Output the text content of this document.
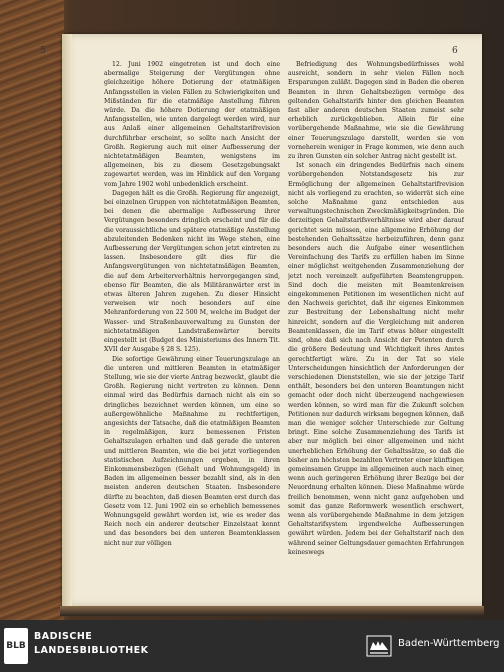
5	6

12. Juni 1902 eingetreten ist und doch eine abermalige Steigerung der Vergütungen ohne gleichzeitige höhere Dotierung der etatmäßigen Anfangsstellen in vielen Fällen zu Schwierigkeiten und Mißständen für die etatmäßige Anstellung führen würde. Da die höhere Dotierung der etatmäßigen Anfangsstellen, wie unten dargelegt werden wird, nur aus Anlaß einer allgemeinen Gehaltstarifrevision durchführbar erscheint, so sollte nach Ansicht der Großh. Regierung auch mit einer Aufbesserung der nichtetatmäßigen Beamten, wenigstens im allgemeinen, bis zu diesem Gesetzgebungsakt zugewartet werden, was im Hinblick auf den Vorgang vom Jahre 1902 wohl unbedenklich erscheint.

Dagegen hält es die Großh. Regierung für angezeigt, bei einzelnen Gruppen von nichtetatmäßigen Beamten, bei denen die abermalige Aufbesserung ihrer Vergütungen besonders dringlich erscheint und für die die voraussichtliche und spätere etatmäßige Anstellung abzuleitenden Bedenken nicht im Wege stehen, eine Aufbesserung der Vergütungen schon jetzt eintreten zu lassen. Insbesondere gilt dies für die Anfangsvergütungen von nichtetatmäßigen Beamten, die auf dem Arbeiterverhältnis hervorgegangen sind, ebenso für Beamten, die als Militäranwärter erst in etwas älteren Jahren zugehen. Zu dieser Hinsicht verweisen wir noch besonders auf eine Mehranforderung von 22 500 M, welche im Budget der Wasser- und Straßenbauverwaltung zu Gunsten der nichtetatmäßigen Landstraßenwärter bereits eingestellt ist (Budget des Ministeriums des Innern Tit. XVII der Ausgabe § 28 S. 125).

Die sofortige Gewährung einer Teuerungszulage an die unteren und mittleren Beamten in etatmäßiger Stellung, wie sie der vierte Antrag bezweckt, glaubt die Großh. Regierung nicht vertreten zu können. Denn einmal wird das Bedürfnis darnach nicht als ein so dringliches bezeichnet werden können, um eine so außergewöhnliche Maßnahme zu rechtfertigen, angesichts der Tatsache, daß die etatmäßigen Beamten in regelmäßigen, kurz bemessenen Fristen Gehaltszulagen erhalten und daß gerade die unteren und mittleren Beamten, wie die bei jetzt vorliegenden statistischen Aufzeichnungen ergeben, in ihren Einkommensbezügen (Gehalt und Wohnungsgeld) in Baden im allgemeinen besser bezahlt sind, als in den meisten anderen deutschen Staaten. Insbesondere dürfte zu beachten, daß diesen Beamten erst durch das Gesetz vom 12. Juni 1902 ein so erheblich bemessenes Wohnungsgeld gewährt worden ist, wie es weder das Reich noch ein anderer deutscher Einzelstaat kennt und das besonders bei den unteren Beamtenklassen nicht nur zur völligen

Befriedigung des Wohnungsbedürfnisses wohl ausreicht, sondern in sehr vielen Fällen noch Ersparungen zuläßt. Dagegen sind in Baden die oberen Beamten in ihren Gehaltsbezügen vermöge des geltenden Gehaltstarifs hinter den gleichen Beamten fast aller anderen deutschen Staaten zumeist sehr erheblich zurückgeblieben. Allein für eine vorübergehende Maßnahme, wie sie die Gewährung einer Teuerungszulage darstellt, werden sie von vorneherein weniger in Frage kommen, wie denn auch zu ihren Gunsten ein solcher Antrag nicht gestellt ist.

Ist sonach ein dringendes Bedürfnis nach einem vorübergehenden Notstandsgesetz bis zur Ermöglichung der allgemeinen Gehaltstarifrevision nicht als vorliegend zu erachten, so widerrät sich eine solche Maßnahme ganz entschieden aus verwaltungstechnischen Zweckmäßigkeitsgründen. Die derzeitigen Gehaltstarifsverhältnisse wird aber darauf gerichtet sein müssen, eine allgemeine Erhöhung der bestehenden Gehaltssätze herbeizuführen, denn ganz besonders auch die Aufgabe einer wesentlichen Vereinfachung des Tarifs zu erfüllen haben im Sinne einer möglichst weitgehenden Zusammenziehung der jetzt noch vereinzelt aufgeführten Beamtengruppen. Sind doch die meisten mit Beamtenkreisen eingekommenen Petitionen im wesentlichen nicht auf den Nachweis gerichtet, daß ihr eigenes Einkommen zur Bestreitung der Lebenshaltung nicht mehr hinreicht, sondern auf die Vergleichung mit anderen Beamtenklassen, die im Tarif etwas höher eingestellt sind, ohne daß sich nach Ansicht der Petenten durch die größere Bedeutung und Wichtigkeit ihres Amtes gerechtfertigt wäre. Zu in der Tat so viele Unterscheidungen hinsichtlich der Anforderungen der verschiedenen Dienststellen, wie sie der jetzige Tarif enthält, besonders bei den unteren Beamtungen nicht gemacht oder doch nicht überzeugend nachgewiesen werden können, so wird man für die Zukunft solchen Petitionen nur dadurch wirksam begegnen können, daß man die weniger solcher Unterschiede zur Geltung bringt. Eine solche Zusammenziehung des Tarifs ist aber nur möglich bei einer allgemeinen und nicht unerheblichen Erhöhung der Gehaltssätze, so daß die bisher am höchsten bezahlten Vertreter einer künftigen gemeinsamen Gruppe im allgemeinen auch nach einer, wenn auch geringeren Erhöhung ihrer Bezüge bei der Neuordnung erhalten können. Diese Maßnahme würde freilich benommen, wenn nicht ganz aufgehoben und somit das ganze Reformwerk wesentlich erschwert, wenn als vorübergehende Maßnahme in dem jetzigen Gehaltstarifsystem irgendwelche Aufbesserungen gewährt würden. Jedem bei der Gehaltstarif nach den während seiner Geltungsdauer gemachten Erfahrungen keineswegs

BLB
BADISCHE
LANDESBIBLIOTHEK
Baden-Württemberg
